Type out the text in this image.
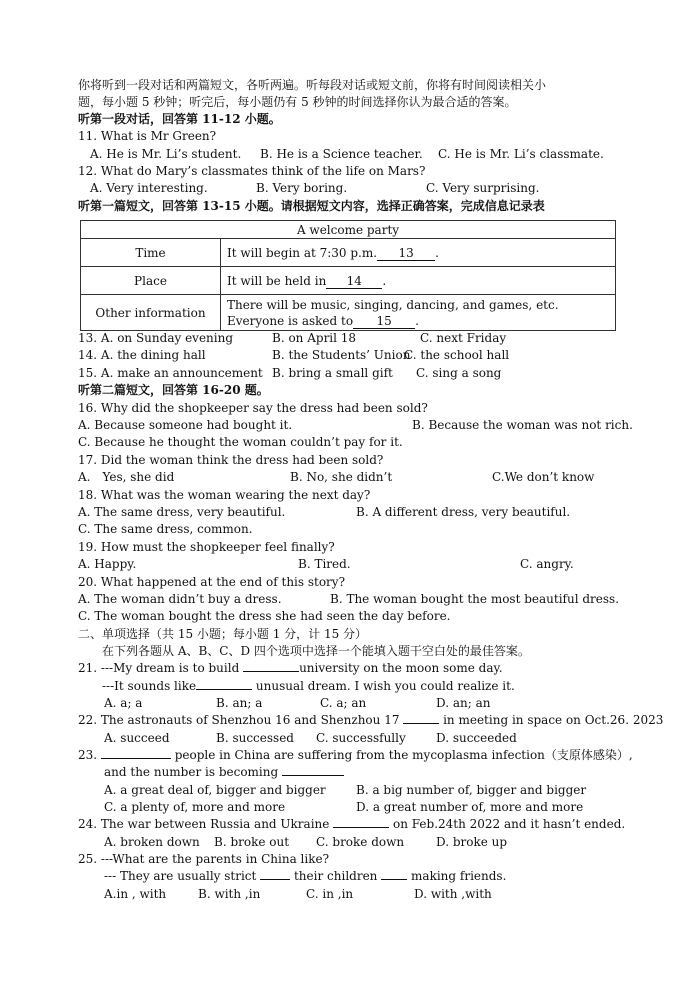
你将听到一段对话和两篇短文，各听两遍。听每段对话或短文前，你将有时间阅读相关小
题，每小题 5 秒钟；听完后，每小题仍有 5 秒钟的时间选择你认为最合适的答案。
听第一段对话，回答第 11-12 小题。
11. What is Mr Green?
A. He is Mr. Li’s student. B. He is a Science teacher. C. He is Mr. Li’s classmate.
12. What do Mary’s classmates think of the life on Mars?
A. Very interesting.	B. Very boring.	C. Very surprising.
听第一篇短文，回答第 13-15 小题。请根据短文内容，选择正确答案，完成信息记录表
A welcome party	
Time	It will begin at 7:30 p.m. 13 .
Place	It will be held in 14 .
Other information	There will be music, singing, dancing, and games, etc.
Everyone is asked to 15 .
13. A. on Sunday evening	B. on April 18	C. next Friday
14. A. the dining hall	B. the Students’ Union
C. the school hall
15. A. make an announcement B. bring a small gift C. sing a song
听第二篇短文，回答第 16-20 题。
16. Why did the shopkeeper say the dress had been sold?
A. Because someone had bought it.	B. Because the woman was not rich.
C. Because he thought the woman couldn’t pay for it.
17. Did the woman think the dress had been sold?
A.　Yes, she did	B. No, she didn’t	C.We don’t know
18. What was the woman wearing the next day?
A. The same dress, very beautiful.	B. A different dress, very beautiful.
C. The same dress, common.
19. How must the shopkeeper feel finally?
A. Happy.	B. Tired.	C. angry.
20. What happened at the end of this story?
A. The woman didn’t buy a dress.	B. The woman bought the most beautiful dress.
C. The woman bought the dress she had seen the day before.
二、单项选择（共 15 小题；每小题 1 分，计 15 分）
在下列各题从 A、B、C、D 四个选项中选择一个能填入题干空白处的最佳答案。
21. ---My dream is to build	university on the moon some day.
---It sounds like	unusual dream. I wish you could realize it.
A. a; a	B. an; a	C. a; an	D. an; an
22. The astronauts of Shenzhou 16 and Shenzhou 17	in meeting in space on Oct.26. 2023
A. succeed	B. successed C. successfully	D. succeeded
23.	people in China are suffering from the mycoplasma infection（支原体感染）,
and the number is becoming
A. a great deal of, bigger and bigger	B. a big number of, bigger and bigger
C. a plenty of, more and more	D. a great number of, more and more
24. The war between Russia and Ukraine	on Feb.24th 2022 and it hasn’t ended.
A. broken down B. broke out C. broke down	D. broke up
25. ---What are the parents in China like?
--- They are usually strict	their children  making friends.
A.in , with	B. with ,in	C. in ,in	D. with ,with
